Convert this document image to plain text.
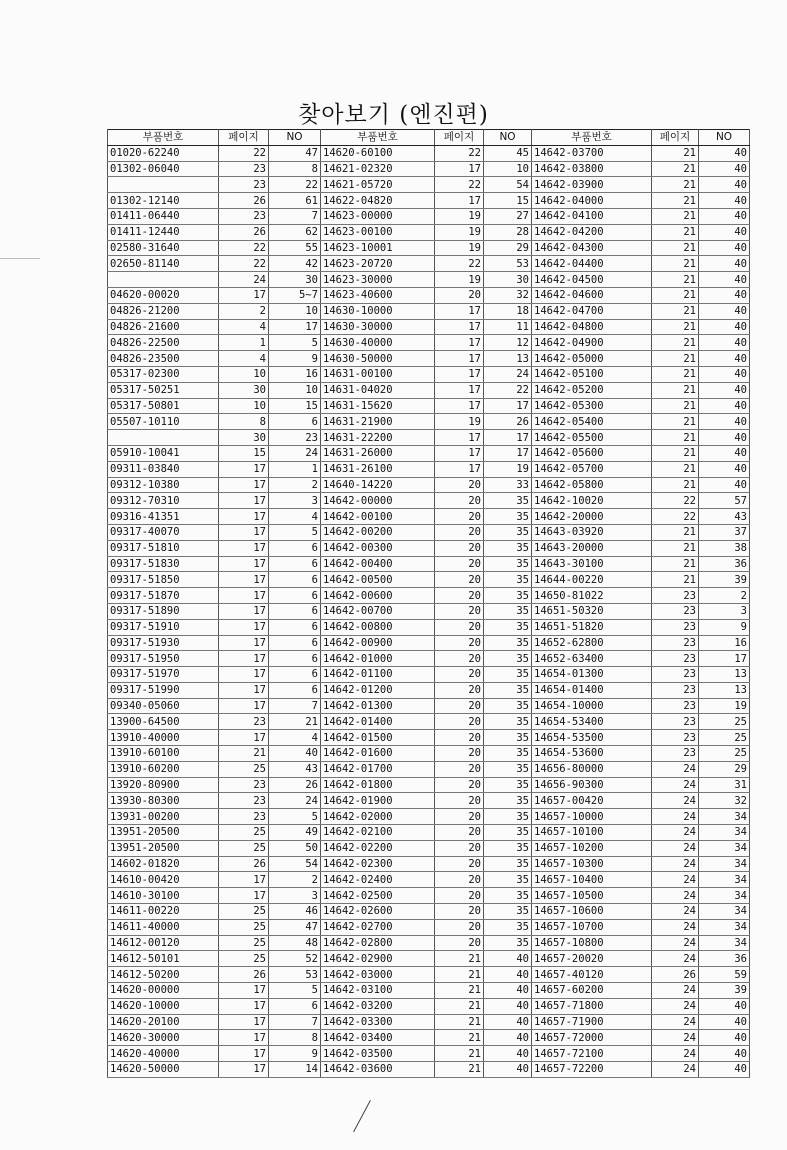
찾아보기 (엔진편)
부품번호	페이지	NO	부품번호	페이지	NO	부품번호	페이지	NO
01020-62240	22	47	14620-60100	22	45	14642-03700	21	40
01302-06040	23	8	14621-02320	17	10	14642-03800	21	40
	23	22	14621-05720	22	54	14642-03900	21	40
01302-12140	26	61	14622-04820	17	15	14642-04000	21	40
01411-06440	23	7	14623-00000	19	27	14642-04100	21	40
01411-12440	26	62	14623-00100	19	28	14642-04200	21	40
02580-31640	22	55	14623-10001	19	29	14642-04300	21	40
02650-81140	22	42	14623-20720	22	53	14642-04400	21	40
	24	30	14623-30000	19	30	14642-04500	21	40
04620-00020	17	5~7	14623-40600	20	32	14642-04600	21	40
04826-21200	2	10	14630-10000	17	18	14642-04700	21	40
04826-21600	4	17	14630-30000	17	11	14642-04800	21	40
04826-22500	1	5	14630-40000	17	12	14642-04900	21	40
04826-23500	4	9	14630-50000	17	13	14642-05000	21	40
05317-02300	10	16	14631-00100	17	24	14642-05100	21	40
05317-50251	30	10	14631-04020	17	22	14642-05200	21	40
05317-50801	10	15	14631-15620	17	17	14642-05300	21	40
05507-10110	8	6	14631-21900	19	26	14642-05400	21	40
	30	23	14631-22200	17	17	14642-05500	21	40
05910-10041	15	24	14631-26000	17	17	14642-05600	21	40
09311-03840	17	1	14631-26100	17	19	14642-05700	21	40
09312-10380	17	2	14640-14220	20	33	14642-05800	21	40
09312-70310	17	3	14642-00000	20	35	14642-10020	22	57
09316-41351	17	4	14642-00100	20	35	14642-20000	22	43
09317-40070	17	5	14642-00200	20	35	14643-03920	21	37
09317-51810	17	6	14642-00300	20	35	14643-20000	21	38
09317-51830	17	6	14642-00400	20	35	14643-30100	21	36
09317-51850	17	6	14642-00500	20	35	14644-00220	21	39
09317-51870	17	6	14642-00600	20	35	14650-81022	23	2
09317-51890	17	6	14642-00700	20	35	14651-50320	23	3
09317-51910	17	6	14642-00800	20	35	14651-51820	23	9
09317-51930	17	6	14642-00900	20	35	14652-62800	23	16
09317-51950	17	6	14642-01000	20	35	14652-63400	23	17
09317-51970	17	6	14642-01100	20	35	14654-01300	23	13
09317-51990	17	6	14642-01200	20	35	14654-01400	23	13
09340-05060	17	7	14642-01300	20	35	14654-10000	23	19
13900-64500	23	21	14642-01400	20	35	14654-53400	23	25
13910-40000	17	4	14642-01500	20	35	14654-53500	23	25
13910-60100	21	40	14642-01600	20	35	14654-53600	23	25
13910-60200	25	43	14642-01700	20	35	14656-80000	24	29
13920-80900	23	26	14642-01800	20	35	14656-90300	24	31
13930-80300	23	24	14642-01900	20	35	14657-00420	24	32
13931-00200	23	5	14642-02000	20	35	14657-10000	24	34
13951-20500	25	49	14642-02100	20	35	14657-10100	24	34
13951-20500	25	50	14642-02200	20	35	14657-10200	24	34
14602-01820	26	54	14642-02300	20	35	14657-10300	24	34
14610-00420	17	2	14642-02400	20	35	14657-10400	24	34
14610-30100	17	3	14642-02500	20	35	14657-10500	24	34
14611-00220	25	46	14642-02600	20	35	14657-10600	24	34
14611-40000	25	47	14642-02700	20	35	14657-10700	24	34
14612-00120	25	48	14642-02800	20	35	14657-10800	24	34
14612-50101	25	52	14642-02900	21	40	14657-20020	24	36
14612-50200	26	53	14642-03000	21	40	14657-40120	26	59
14620-00000	17	5	14642-03100	21	40	14657-60200	24	39
14620-10000	17	6	14642-03200	21	40	14657-71800	24	40
14620-20100	17	7	14642-03300	21	40	14657-71900	24	40
14620-30000	17	8	14642-03400	21	40	14657-72000	24	40
14620-40000	17	9	14642-03500	21	40	14657-72100	24	40
14620-50000	17	14	14642-03600	21	40	14657-72200	24	40
